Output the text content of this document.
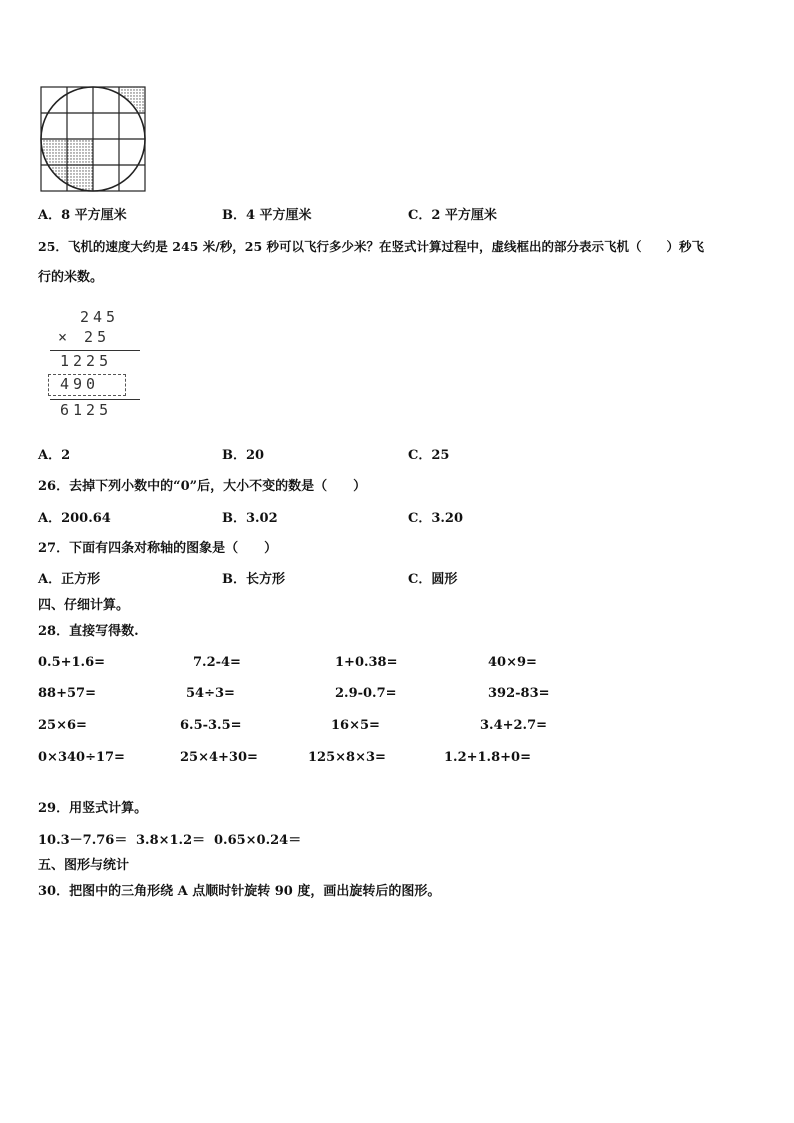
A．8 平方厘米	B．4 平方厘米	C．2 平方厘米
25．飞机的速度大约是 245 米/秒，25 秒可以飞行多少米？在竖式计算过程中，虚线框出的部分表示飞机（　　）秒飞
行的米数。
245
× 25
1225
490
6125
A．2	B．20	C．25
26．去掉下列小数中的“0”后，大小不变的数是（　　）
A．200.64	B．3.02	C．3.20
27．下面有四条对称轴的图象是（　　）
A．正方形	B．长方形	C．圆形
四、仔细计算。
28．直接写得数.
0.5+1.6=	7.2-4=	1+0.38=	40×9=
88+57=	54÷3=	2.9-0.7=	392-83=
25×6=	6.5-3.5=	16×5=	3.4+2.7=
0×340÷17=	25×4+30=	125×8×3=	1.2+1.8+0=
29．用竖式计算。
10.3－7.76＝ 3.8×1.2＝ 0.65×0.24＝
五、图形与统计
30．把图中的三角形绕 A 点顺时针旋转 90 度，画出旋转后的图形。
